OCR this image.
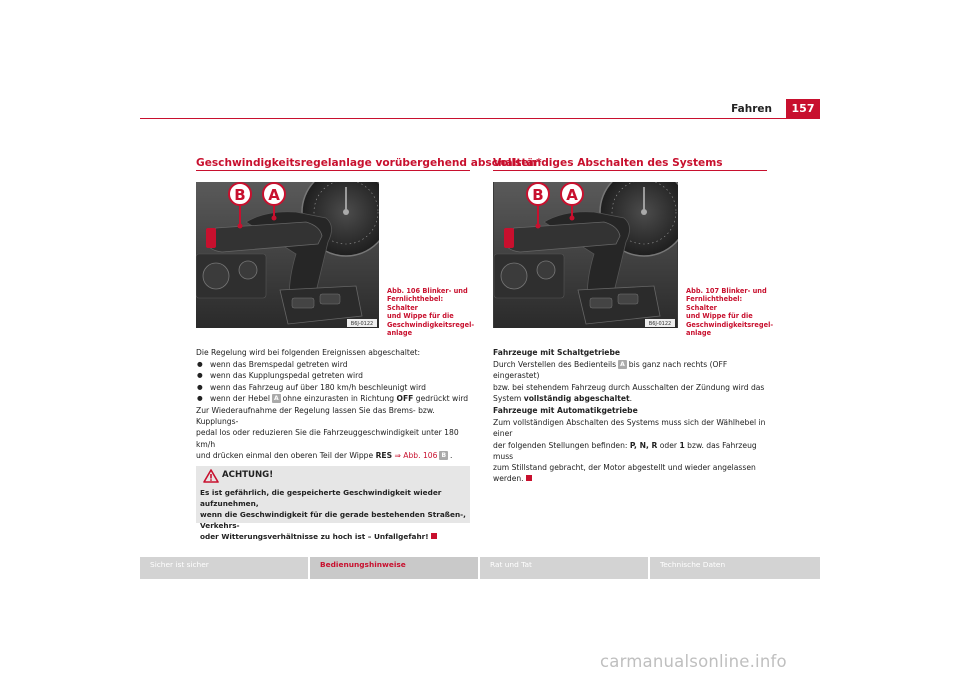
Fahren	157
Geschwindigkeitsregelanlage vorübergehend abschalten*
B A
B6J-0122
Abb. 106 Blinker- und
Fernlichthebel: Schalter
und Wippe für die
Geschwindigkeitsregel-
anlage

Die Regelung wird bei folgenden Ereignissen abgeschaltet:

● wenn das Bremspedal getreten wird
● wenn das Kupplungspedal getreten wird
● wenn das Fahrzeug auf über 180 km/h beschleunigt wird
● wenn der Hebel A ohne einzurasten in Richtung OFF gedrückt wird

Zur Wiederaufnahme der Regelung lassen Sie das Brems- bzw. Kupplungs-
pedal los oder reduzieren Sie die Fahrzeuggeschwindigkeit unter 180 km/h
und drücken einmal den oberen Teil der Wippe RES ⇒ Abb. 106 B .

ACHTUNG!
Es ist gefährlich, die gespeicherte Geschwindigkeit wieder aufzunehmen,
wenn die Geschwindigkeit für die gerade bestehenden Straßen-, Verkehrs-
oder Witterungsverhältnisse zu hoch ist – Unfallgefahr!
Vollständiges Abschalten des Systems
B A
B6J-0122
Abb. 107 Blinker- und
Fernlichthebel: Schalter
und Wippe für die
Geschwindigkeitsregel-
anlage

Fahrzeuge mit Schaltgetriebe

Durch Verstellen des Bedienteils A bis ganz nach rechts (OFF eingerastet)
bzw. bei stehendem Fahrzeug durch Ausschalten der Zündung wird das
System vollständig abgeschaltet.

Fahrzeuge mit Automatikgetriebe

Zum vollständigen Abschalten des Systems muss sich der Wählhebel in einer
der folgenden Stellungen befinden: P, N, R oder 1 bzw. das Fahrzeug muss
zum Stillstand gebracht, der Motor abgestellt und wieder angelassen
werden.

Sicher ist sicher	Bedienungshinweise	Rat und Tat	Technische Daten
carmanualsonline.info
